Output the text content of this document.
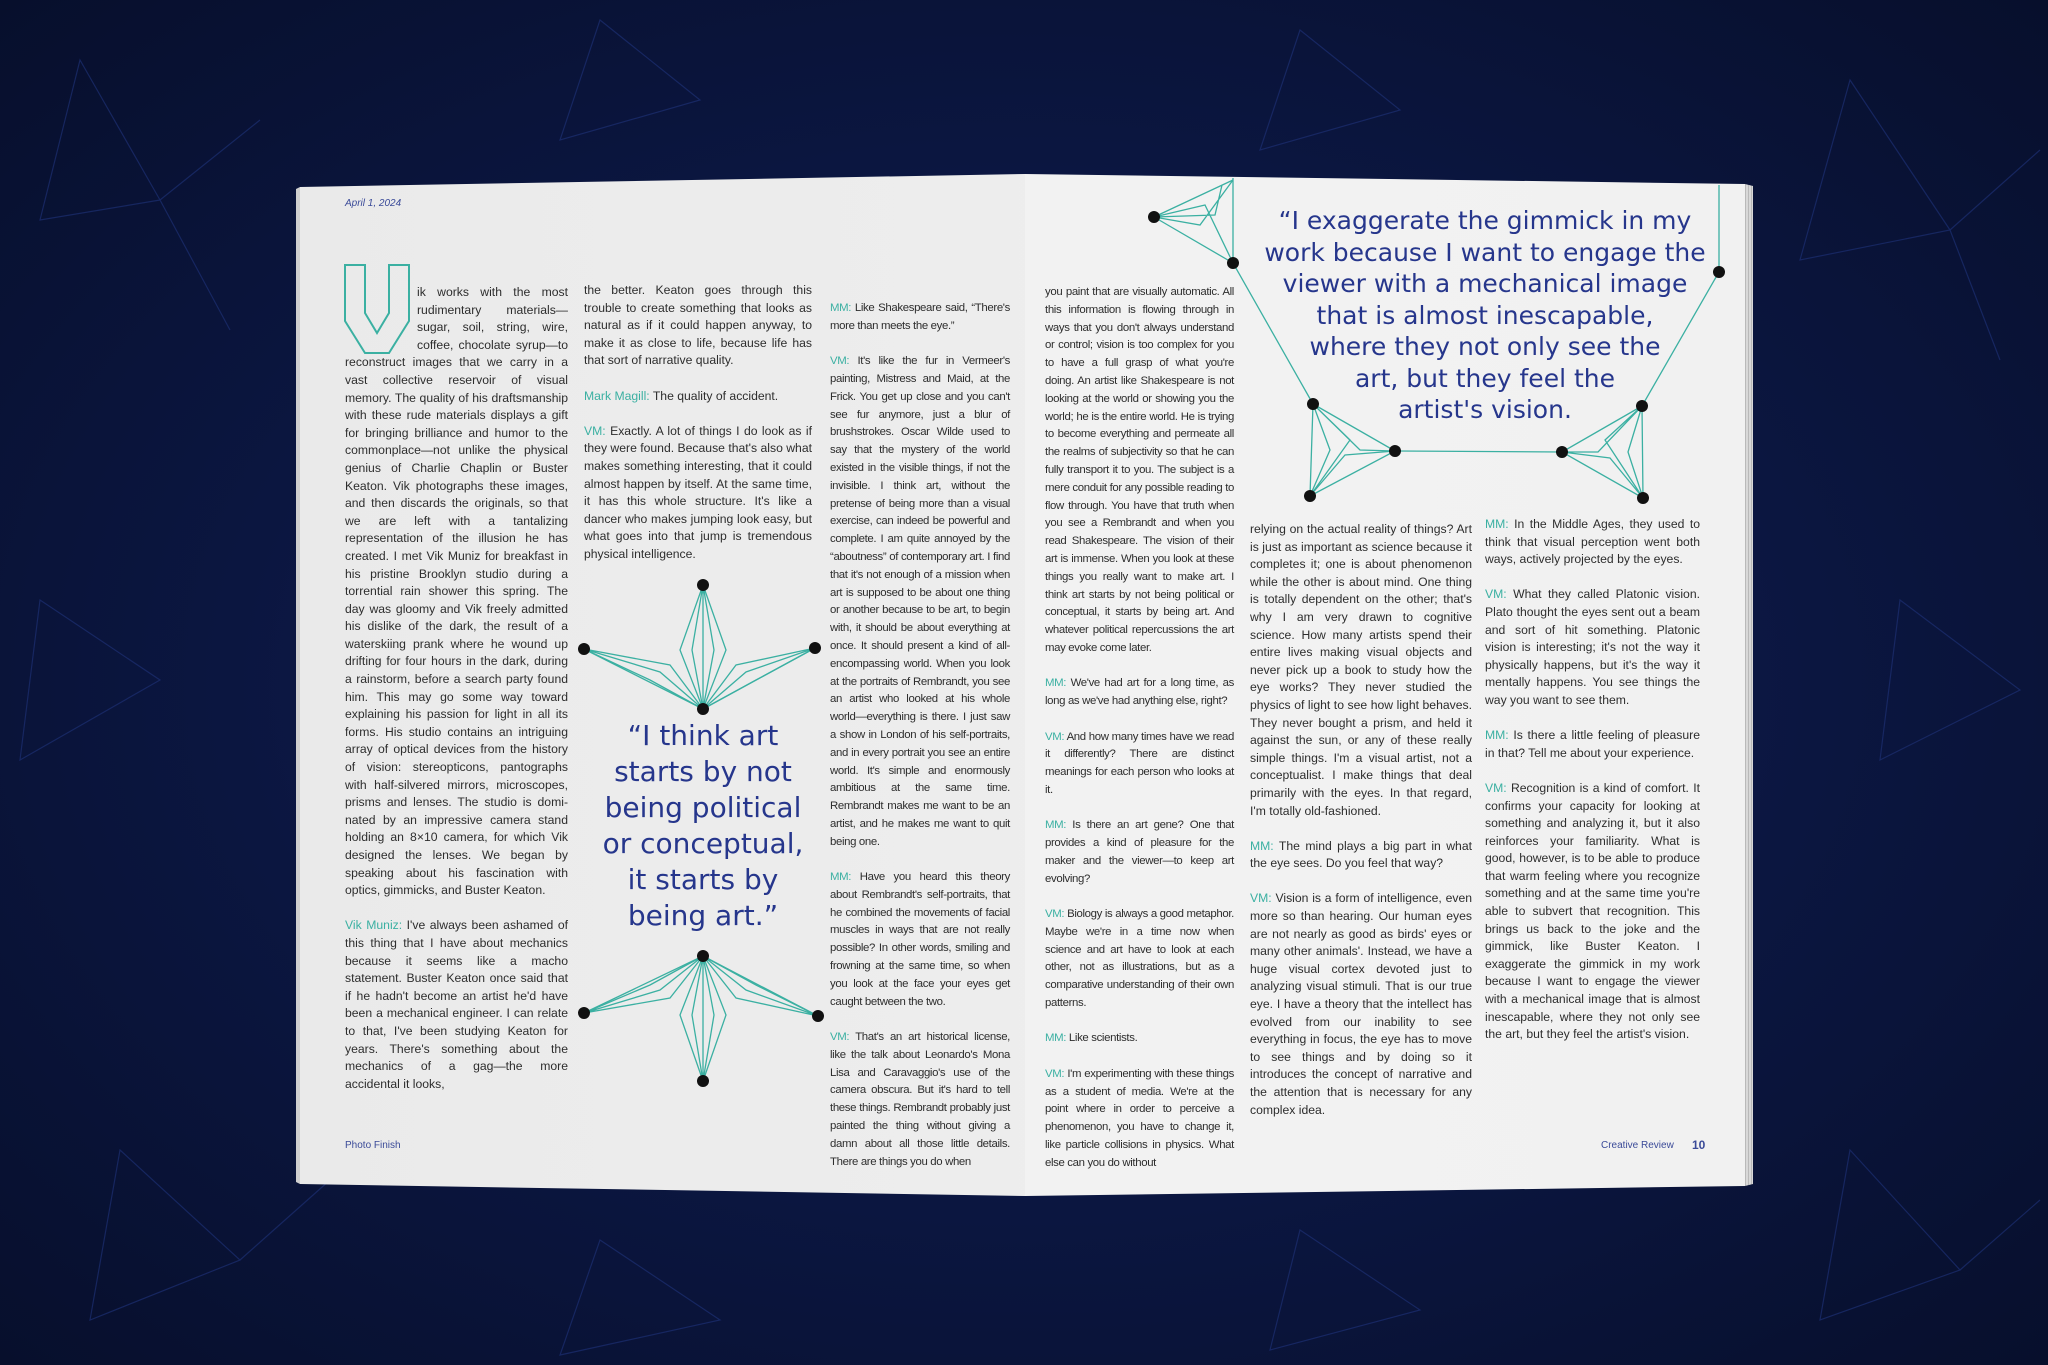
April 1, 2024
Photo Finish
V

ik works with the most rudimentary materials—sugar, soil, string, wire, coffee, chocolate syrup—to reconstruct images that we carry in a vast collective reservoir of visual memory. The quality of his draftsmanship with these rude materials displays a gift for bringing brilliance and humor to the commonplace—not unlike the physical genius of Charlie Chaplin or Buster Keaton. Vik photographs these images, and then discards the originals, so that we are left with a tantalizing representation of the illusion he has created. I met Vik Muniz for breakfast in his pristine Brooklyn studio during a torrential rain shower this spring. The day was gloomy and Vik freely admitted his dislike of the dark, the result of a waterskiing prank where he wound up drifting for four hours in the dark, during a rainstorm, before a search party found him. This may go some way toward explaining his passion for light in all its forms. His studio contains an intriguing array of optical devices from the history of vision: stereopticons, pantographs with half-silvered mirrors, microscopes, prisms and lenses. The studio is dominated by an impressive camera stand holding an 8×10 camera, for which Vik designed the lenses. We began by speaking about his fascination with optics, gimmicks, and Buster Keaton.

Vik Muniz: I've always been ashamed of this thing that I have about mechanics because it seems like a macho statement. Buster Keaton once said that if he hadn't become an artist he'd have been a mechanical engineer. I can relate to that, I've been studying Keaton for years. There's something about the mechanics of a gag—the more accidental it looks,

the better. Keaton goes through this trouble to create something that looks as natural as if it could happen anyway, to make it as close to life, because life has that sort of narrative quality.

Mark Magill: The quality of accident.

VM: Exactly. A lot of things I do look as if they were found. Because that's also what makes something interesting, that it could almost happen by itself. At the same time, it has this whole structure. It's like a dancer who makes jumping look easy, but what goes into that jump is tremendous physical intelligence.

“I think art
starts by not
being political
or conceptual,
it starts by
being art.”

MM: Like Shakespeare said, “There's more than meets the eye.”

VM: It's like the fur in Vermeer's painting, Mistress and Maid, at the Frick. You get up close and you can't see fur anymore, just a blur of brushstrokes. Oscar Wilde used to say that the mystery of the world existed in the visible things, if not the invisible. I think art, without the pretense of being more than a visual exercise, can indeed be powerful and complete. I am quite annoyed by the “aboutness” of contemporary art. I find that it's not enough of a mission when art is supposed to be about one thing or another because to be art, to begin with, it should be about everything at once. It should present a kind of all-encompassing world. When you look at the portraits of Rembrandt, you see an artist who looked at his whole world—everything is there. I just saw a show in London of his self-portraits, and in every portrait you see an entire world. It's simple and enormously ambitious at the same time. Rembrandt makes me want to be an artist, and he makes me want to quit being one.

MM: Have you heard this theory about Rembrandt's self-portraits, that he combined the movements of facial muscles in ways that are not really possible? In other words, smiling and frowning at the same time, so when you look at the face your eyes get caught between the two.

VM: That's an art historical license, like the talk about Leonardo's Mona Lisa and Caravaggio's use of the camera obscura. But it's hard to tell these things. Rembrandt probably just painted the thing without giving a damn about all those little details. There are things you do when

you paint that are visually automatic. All this information is flowing through in ways that you don't always understand or control; vision is too complex for you to have a full grasp of what you're doing. An artist like Shakespeare is not looking at the world or showing you the world; he is the entire world. He is trying to become everything and permeate all the realms of subjectivity so that he can fully transport it to you. The subject is a mere conduit for any possible reading to flow through. You have that truth when you see a Rembrandt and when you read Shakespeare. The vision of their art is immense. When you look at these things you really want to make art. I think art starts by not being political or conceptual, it starts by being art. And whatever political repercussions the art may evoke come later.

MM: We've had art for a long time, as long as we've had anything else, right?

VM: And how many times have we read it differently? There are distinct meanings for each person who looks at it.

MM: Is there an art gene? One that provides a kind of pleasure for the maker and the viewer—to keep art evolving?

VM: Biology is always a good metaphor. Maybe we're in a time now when science and art have to look at each other, not as illustrations, but as a comparative understanding of their own patterns.

MM: Like scientists.

VM: I'm experimenting with these things as a student of media. We're at the point where in order to perceive a phenomenon, you have to change it, like particle collisions in physics. What else can you do without

“I exaggerate the gimmick in my
work because I want to engage the
viewer with a mechanical image
that is almost inescapable,
where they not only see the
art, but they feel the
artist's vision.

relying on the actual reality of things? Art is just as important as science because it completes it; one is about phenomenon while the other is about mind. One thing is totally dependent on the other; that's why I am very drawn to cognitive science. How many artists spend their entire lives making visual objects and never pick up a book to study how the eye works? They never studied the physics of light to see how light behaves. They never bought a prism, and held it against the sun, or any of these really simple things. I'm a visual artist, not a conceptualist. I make things that deal primarily with the eyes. In that regard, I'm totally old-fashioned.

MM: The mind plays a big part in what the eye sees. Do you feel that way?

VM: Vision is a form of intelligence, even more so than hearing. Our human eyes are not nearly as good as birds' eyes or many other animals'. Instead, we have a huge visual cortex devoted just to analyzing visual stimuli. That is our true eye. I have a theory that the intellect has evolved from our inability to see everything in focus, the eye has to move to see things and by doing so it introduces the concept of narrative and the attention that is necessary for any complex idea.

MM: In the Middle Ages, they used to think that visual perception went both ways, actively projected by the eyes.

VM: What they called Platonic vision. Plato thought the eyes sent out a beam and sort of hit something. Platonic vision is interesting; it's not the way it physically happens, but it's the way it mentally happens. You see things the way you want to see them.

MM: Is there a little feeling of pleasure in that? Tell me about your experience.

VM: Recognition is a kind of comfort. It confirms your capacity for looking at something and analyzing it, but it also reinforces your familiarity. What is good, however, is to be able to produce that warm feeling where you recognize something and at the same time you're able to subvert that recognition. This brings us back to the joke and the gimmick, like Buster Keaton. I exaggerate the gimmick in my work because I want to engage the viewer with a mechanical image that is almost inescapable, where they not only see the art, but they feel the artist's vision.

Creative Review 10
